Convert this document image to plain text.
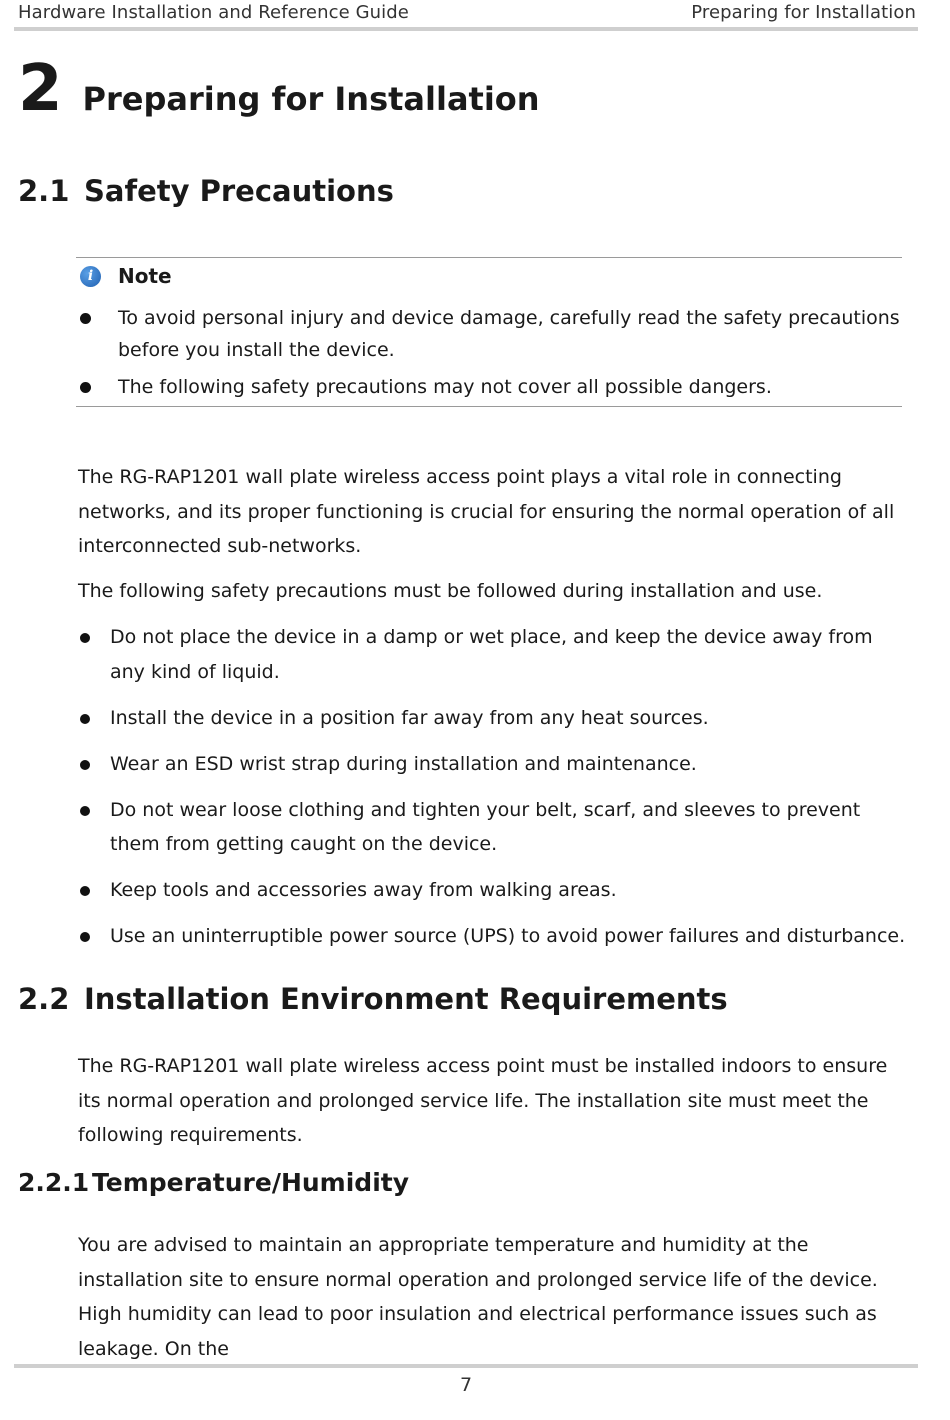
Hardware Installation and Reference Guide	Preparing for Installation
2 Preparing for Installation
2.1 Safety Precautions
i	Note
To avoid personal injury and device damage, carefully read the safety precautions before you install the device.
The following safety precautions may not cover all possible dangers.

The RG-RAP1201 wall plate wireless access point plays a vital role in connecting networks, and its proper functioning is crucial for ensuring the normal operation of all interconnected sub-networks.

The following safety precautions must be followed during installation and use.

Do not place the device in a damp or wet place, and keep the device away from any kind of liquid.
Install the device in a position far away from any heat sources.
Wear an ESD wrist strap during installation and maintenance.
Do not wear loose clothing and tighten your belt, scarf, and sleeves to prevent them from getting caught on the device.
Keep tools and accessories away from walking areas.
Use an uninterruptible power source (UPS) to avoid power failures and disturbance.
2.2 Installation Environment Requirements

The RG-RAP1201 wall plate wireless access point must be installed indoors to ensure its normal operation and prolonged service life. The installation site must meet the following requirements.

2.2.1 Temperature/Humidity

You are advised to maintain an appropriate temperature and humidity at the installation site to ensure normal operation and prolonged service life of the device. High humidity can lead to poor insulation and electrical performance issues such as leakage. On the

7
